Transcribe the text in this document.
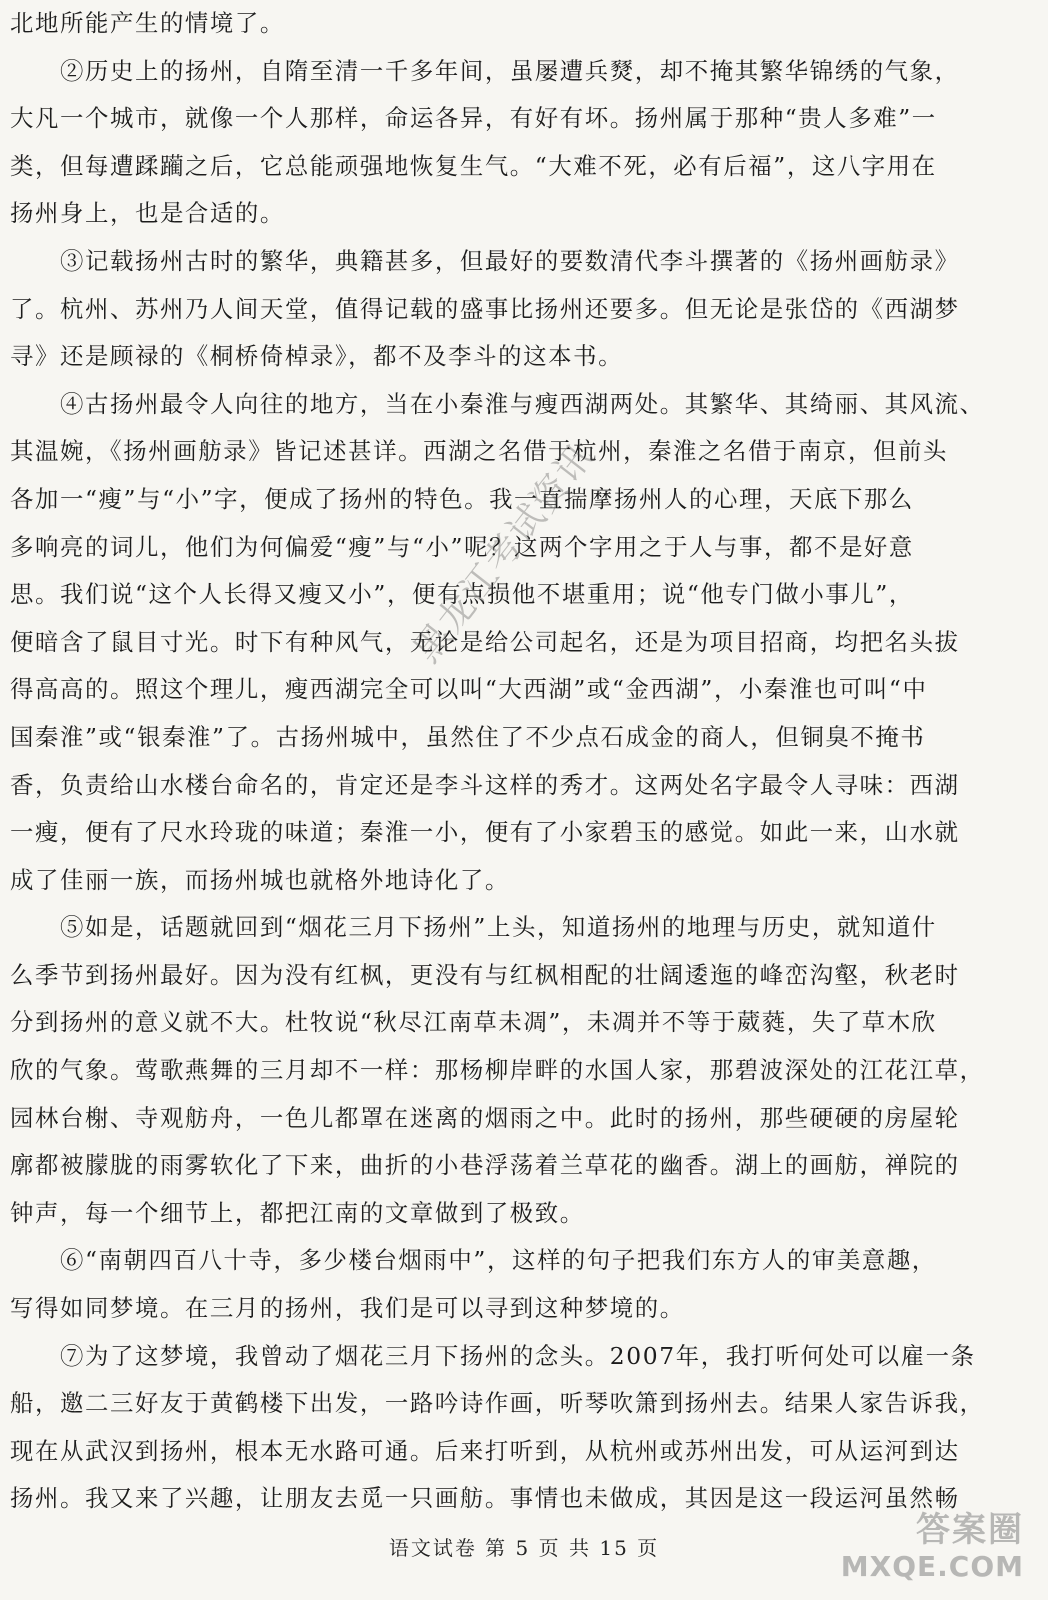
北地所能产生的情境了。
②历史上的扬州，自隋至清一千多年间，虽屡遭兵燹，却不掩其繁华锦绣的气象，
大凡一个城市，就像一个人那样，命运各异，有好有坏。扬州属于那种“贵人多难”一
类，但每遭蹂躏之后，它总能顽强地恢复生气。“大难不死，必有后福”，这八字用在
扬州身上，也是合适的。
③记载扬州古时的繁华，典籍甚多，但最好的要数清代李斗撰著的《扬州画舫录》
了。杭州、苏州乃人间天堂，值得记载的盛事比扬州还要多。但无论是张岱的《西湖梦
寻》还是顾禄的《桐桥倚棹录》，都不及李斗的这本书。
④古扬州最令人向往的地方，当在小秦淮与瘦西湖两处。其繁华、其绮丽、其风流、
其温婉，《扬州画舫录》皆记述甚详。西湖之名借于杭州，秦淮之名借于南京，但前头
各加一“瘦”与“小”字，便成了扬州的特色。我一直揣摩扬州人的心理，天底下那么
多响亮的词儿，他们为何偏爱“瘦”与“小”呢？这两个字用之于人与事，都不是好意
思。我们说“这个人长得又瘦又小”，便有点损他不堪重用；说“他专门做小事儿”，
便暗含了鼠目寸光。时下有种风气，无论是给公司起名，还是为项目招商，均把名头拔
得高高的。照这个理儿，瘦西湖完全可以叫“大西湖”或“金西湖”，小秦淮也可叫“中
国秦淮”或“银秦淮”了。古扬州城中，虽然住了不少点石成金的商人，但铜臭不掩书
香，负责给山水楼台命名的，肯定还是李斗这样的秀才。这两处名字最令人寻味：西湖
一瘦，便有了尺水玲珑的味道；秦淮一小，便有了小家碧玉的感觉。如此一来，山水就
成了佳丽一族，而扬州城也就格外地诗化了。
⑤如是，话题就回到“烟花三月下扬州”上头，知道扬州的地理与历史，就知道什
么季节到扬州最好。因为没有红枫，更没有与红枫相配的壮阔逶迤的峰峦沟壑，秋老时
分到扬州的意义就不大。杜牧说“秋尽江南草未凋”，未凋并不等于葳蕤，失了草木欣
欣的气象。莺歌燕舞的三月却不一样：那杨柳岸畔的水国人家，那碧波深处的江花江草，
园林台榭、寺观舫舟，一色儿都罩在迷离的烟雨之中。此时的扬州，那些硬硬的房屋轮
廓都被朦胧的雨雾软化了下来，曲折的小巷浮荡着兰草花的幽香。湖上的画舫，禅院的
钟声，每一个细节上，都把江南的文章做到了极致。
⑥“南朝四百八十寺，多少楼台烟雨中”，这样的句子把我们东方人的审美意趣，
写得如同梦境。在三月的扬州，我们是可以寻到这种梦境的。
⑦为了这梦境，我曾动了烟花三月下扬州的念头。2007年，我打听何处可以雇一条
船，邀二三好友于黄鹤楼下出发，一路吟诗作画，听琴吹箫到扬州去。结果人家告诉我，
现在从武汉到扬州，根本无水路可通。后来打听到，从杭州或苏州出发，可从运河到达
扬州。我又来了兴趣，让朋友去觅一只画舫。事情也未做成，其因是这一段运河虽然畅
黑龙江考试资讯
语文试卷 第 5 页 共 15 页	答案圈
MXQE.COM
